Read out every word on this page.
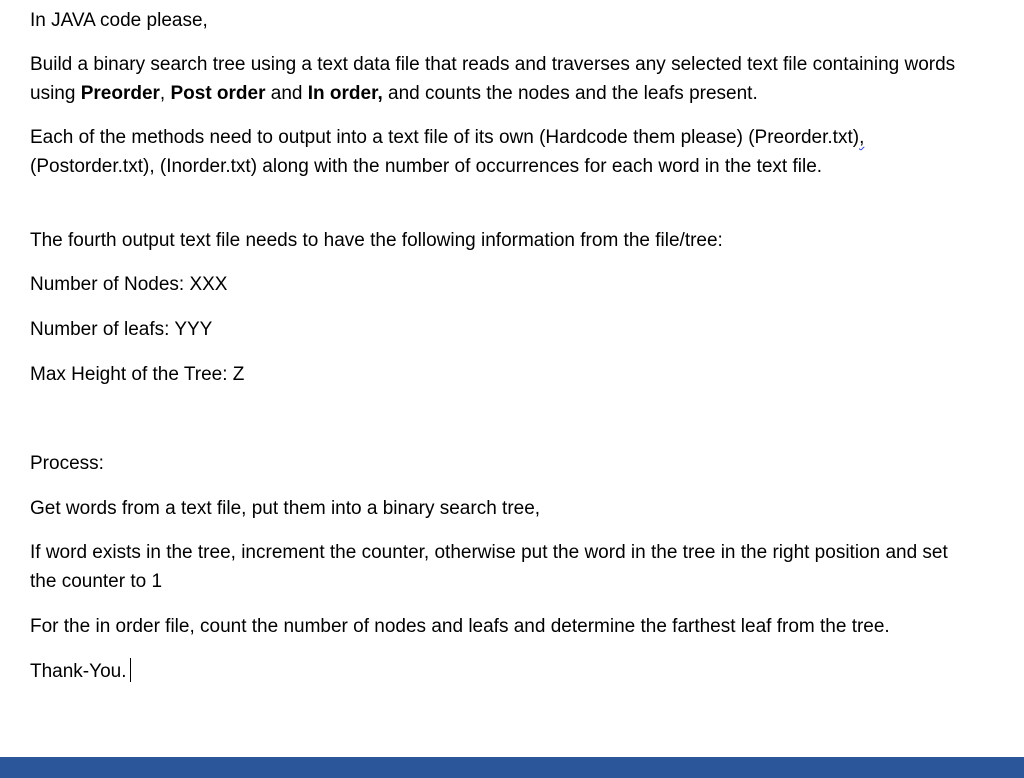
In JAVA code please,

Build a binary search tree using a text data file that reads and traverses any selected text file containing words using Preorder, Post order and In order, and counts the nodes and the leafs present.

Each of the methods need to output into a text file of its own (Hardcode them please) (Preorder.txt),(Postorder.txt), (Inorder.txt) along with the number of occurrences for each word in the text file.

The fourth output text file needs to have the following information from the file/tree:

Number of Nodes: XXX

Number of leafs: YYY

Max Height of the Tree: Z

Process:

Get words from a text file, put them into a binary search tree,

If word exists in the tree, increment the counter, otherwise put the word in the tree in the right position and set the counter to 1

For the in order file, count the number of nodes and leafs and determine the farthest leaf from the tree.

Thank-You.
